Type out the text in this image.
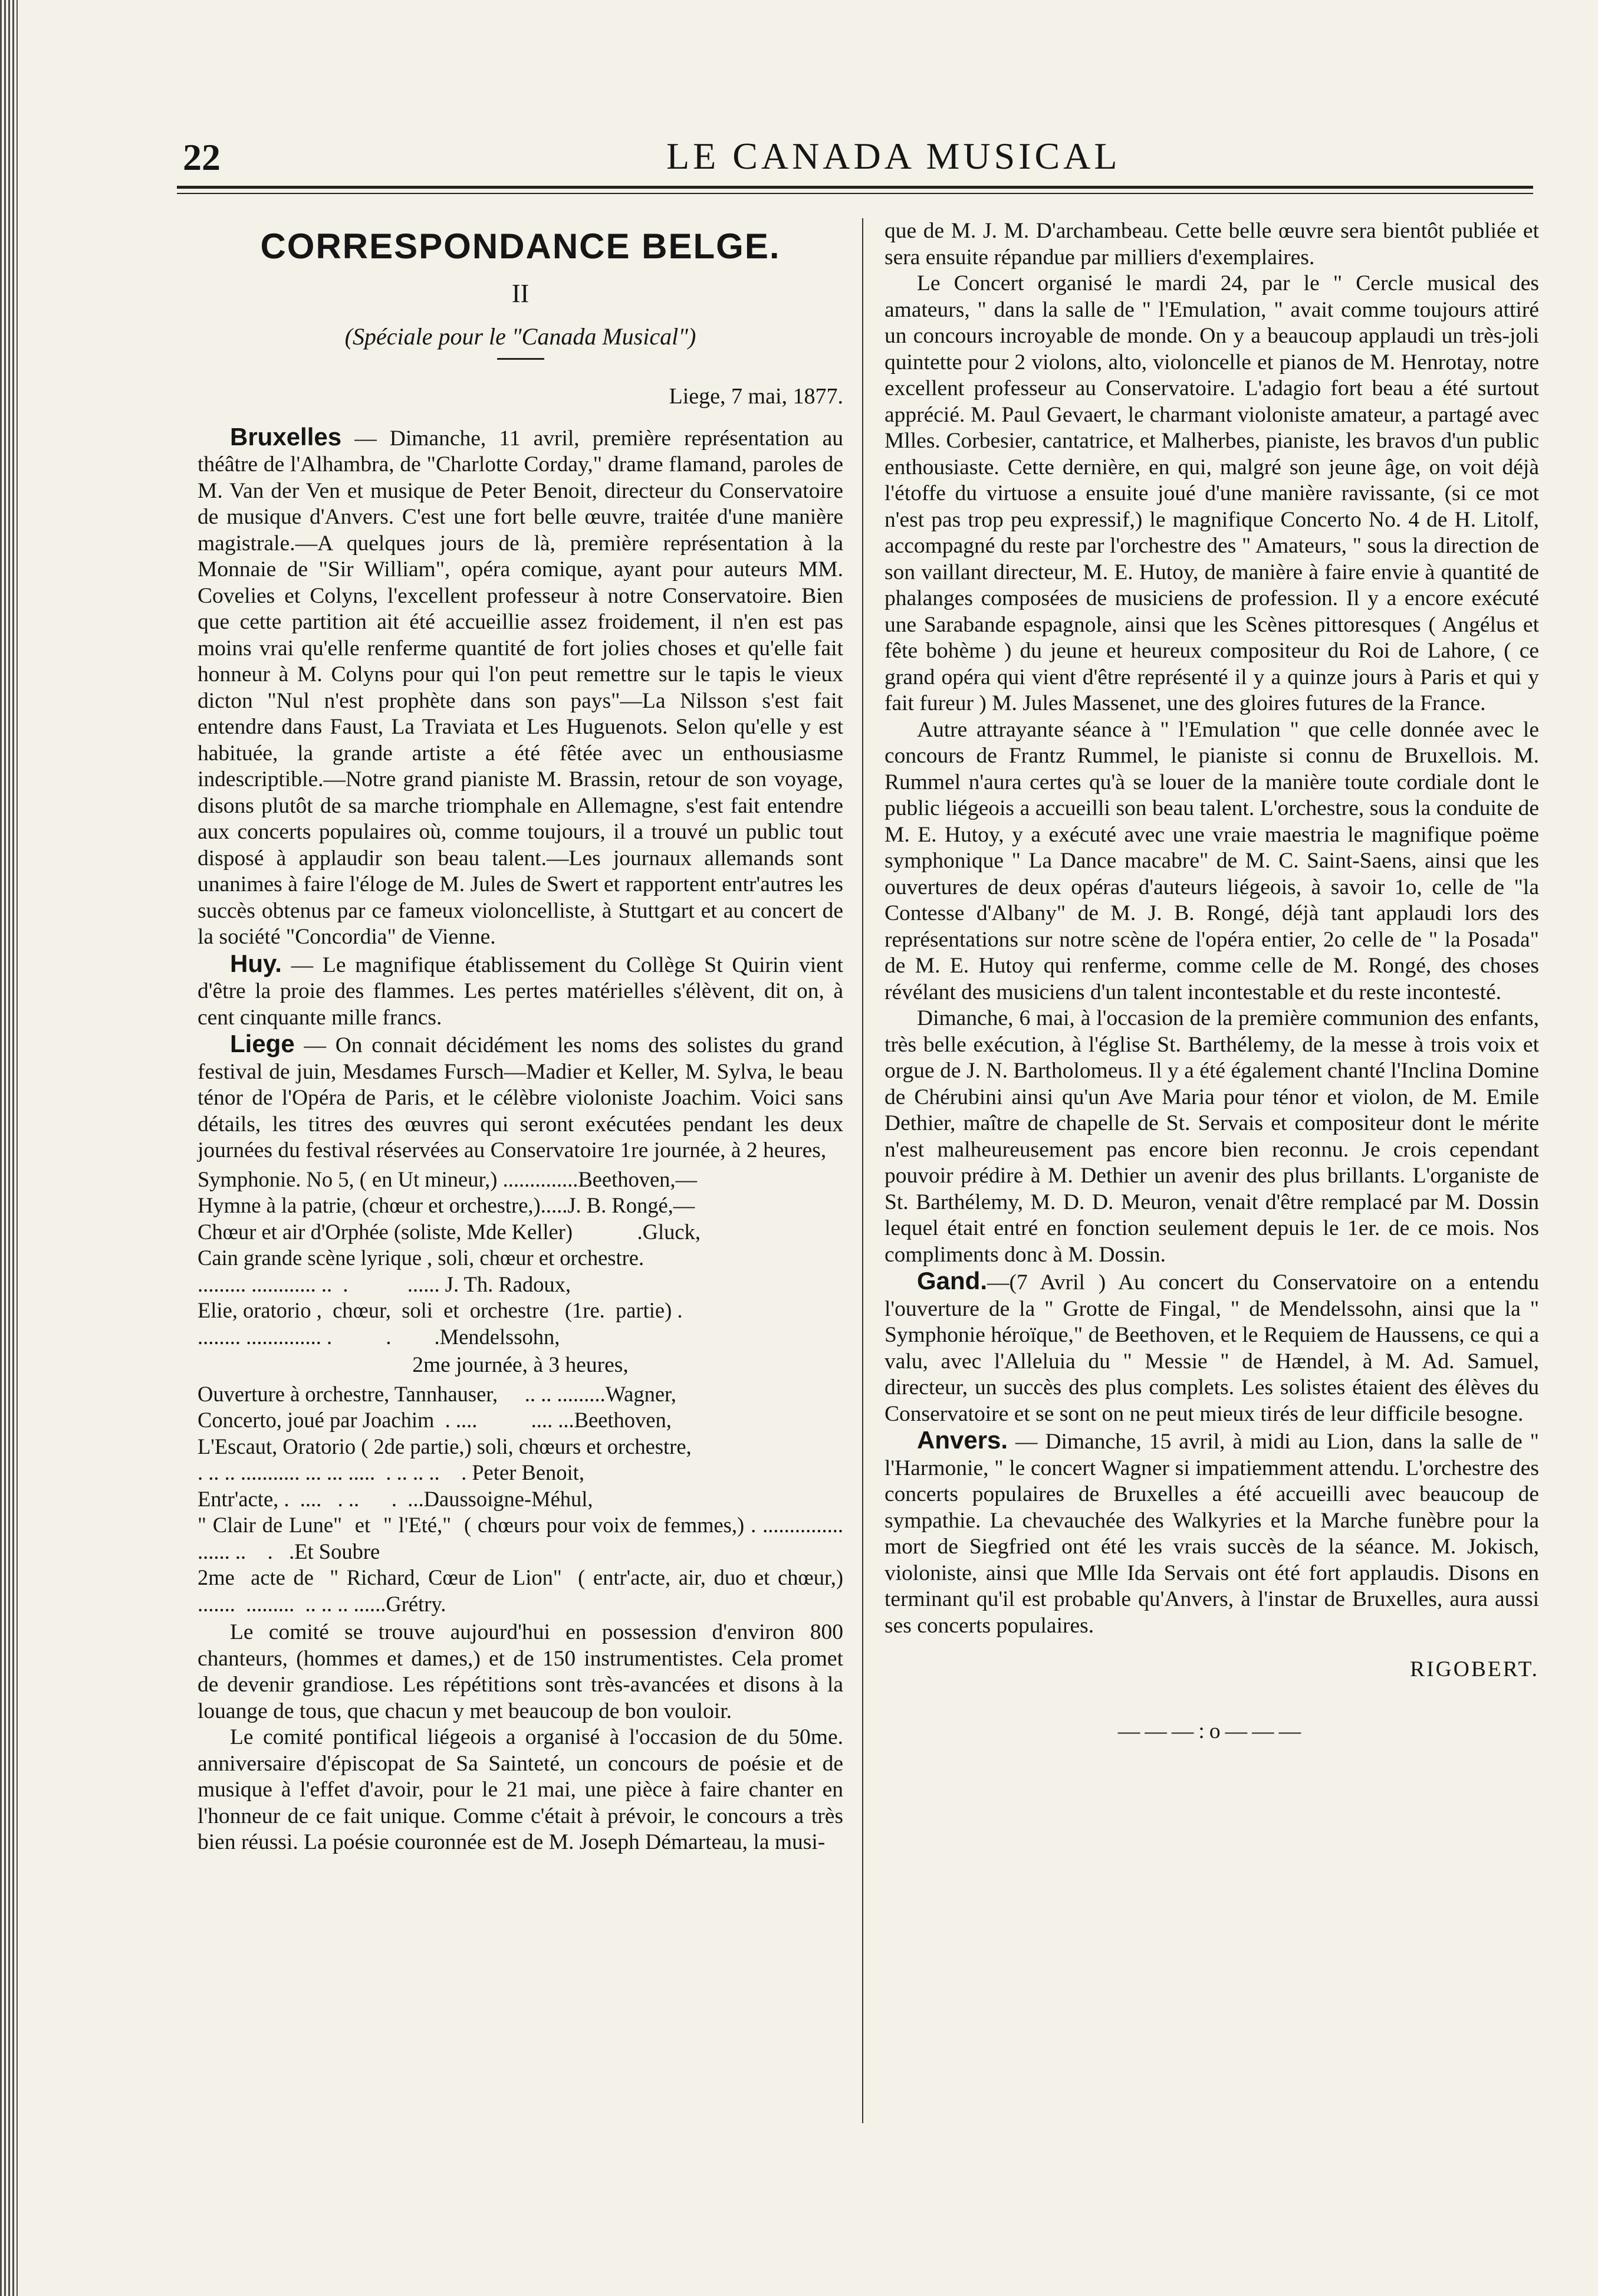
22	LE CANADA MUSICAL
CORRESPONDANCE BELGE.
II
(Spéciale pour le "Canada Musical")
Liege, 7 mai, 1877.

Bruxelles — Dimanche, 11 avril, première représentation au théâtre de l'Alhambra, de "Charlotte Corday," drame flamand, paroles de M. Van der Ven et musique de Peter Benoit, directeur du Conservatoire de musique d'Anvers. C'est une fort belle œuvre, traitée d'une manière magistrale.—A quelques jours de là, première représentation à la Monnaie de "Sir William", opéra comique, ayant pour auteurs MM. Covelies et Colyns, l'excellent professeur à notre Conservatoire. Bien que cette partition ait été accueillie assez froidement, il n'en est pas moins vrai qu'elle renferme quantité de fort jolies choses et qu'elle fait honneur à M. Colyns pour qui l'on peut remettre sur le tapis le vieux dicton "Nul n'est prophète dans son pays"—La Nilsson s'est fait entendre dans Faust, La Traviata et Les Huguenots. Selon qu'elle y est habituée, la grande artiste a été fêtée avec un enthousiasme indescriptible.—Notre grand pianiste M. Brassin, retour de son voyage, disons plutôt de sa marche triomphale en Allemagne, s'est fait entendre aux concerts populaires où, comme toujours, il a trouvé un public tout disposé à applaudir son beau talent.—Les journaux allemands sont unanimes à faire l'éloge de M. Jules de Swert et rapportent entr'autres les succès obtenus par ce fameux violoncelliste, à Stuttgart et au concert de la société "Concordia" de Vienne.

Huy. — Le magnifique établissement du Collège St Quirin vient d'être la proie des flammes. Les pertes matérielles s'élèvent, dit on, à cent cinquante mille francs.

Liege — On connait décidément les noms des solistes du grand festival de juin, Mesdames Fursch—Madier et Keller, M. Sylva, le beau ténor de l'Opéra de Paris, et le célèbre violoniste Joachim. Voici sans détails, les titres des œuvres qui seront exécutées pendant les deux journées du festival réservées au Conservatoire 1re journée, à 2 heures,

Symphonie. No 5, ( en Ut mineur,) ..............Beethoven,—
Hymne à la patrie, (chœur et orchestre,).....J. B. Rongé,—
Chœur et air d'Orphée (soliste, Mde Keller)            .Gluck,
Cain grande scène lyrique , soli, chœur et orchestre.
......... ............ ..  .           ...... J. Th. Radoux,
Elie, oratorio ,  chœur,  soli  et  orchestre   (1re.  partie) .
........ .............. .          .        .Mendelssohn,

2me journée, à 3 heures,

Ouverture à orchestre, Tannhauser,     .. .. .........Wagner,
Concerto, joué par Joachim  . ....          .... ...Beethoven,
L'Escaut, Oratorio ( 2de partie,) soli, chœurs et orchestre,
. .. .. ........... ... ... .....  . .. .. ..    . Peter Benoit,
Entr'acte, .  ....   . ..      .  ...Daussoigne-Méhul,
" Clair de Lune"  et  " l'Eté,"  ( chœurs pour voix de femmes,) . ............... ...... ..    .   .Et Soubre
2me  acte de  " Richard, Cœur de Lion"  ( entr'acte, air, duo et chœur,) .......  .........  .. .. .. ......Grétry.

Le comité se trouve aujourd'hui en possession d'environ 800 chanteurs, (hommes et dames,) et de 150 instrumentistes. Cela promet de devenir grandiose. Les répétitions sont très-avancées et disons à la louange de tous, que chacun y met beaucoup de bon vouloir.

Le comité pontifical liégeois a organisé à l'occasion de du 50me. anniversaire d'épiscopat de Sa Sainteté, un concours de poésie et de musique à l'effet d'avoir, pour le 21 mai, une pièce à faire chanter en l'honneur de ce fait unique. Comme c'était à prévoir, le concours a très bien réussi. La poésie couronnée est de M. Joseph Démarteau, la musi-

que de M. J. M. D'archambeau. Cette belle œuvre sera bientôt publiée et sera ensuite répandue par milliers d'exemplaires.

Le Concert organisé le mardi 24, par le " Cercle musical des amateurs, " dans la salle de " l'Emulation, " avait comme toujours attiré un concours incroyable de monde. On y a beaucoup applaudi un très-joli quintette pour 2 violons, alto, violoncelle et pianos de M. Henrotay, notre excellent professeur au Conservatoire. L'adagio fort beau a été surtout apprécié. M. Paul Gevaert, le charmant violoniste amateur, a partagé avec Mlles. Corbesier, cantatrice, et Malherbes, pianiste, les bravos d'un public enthousiaste. Cette dernière, en qui, malgré son jeune âge, on voit déjà l'étoffe du virtuose a ensuite joué d'une manière ravissante, (si ce mot n'est pas trop peu expressif,) le magnifique Concerto No. 4 de H. Litolf, accompagné du reste par l'orchestre des " Amateurs, " sous la direction de son vaillant directeur, M. E. Hutoy, de manière à faire envie à quantité de phalanges composées de musiciens de profession. Il y a encore exécuté une Sarabande espagnole, ainsi que les Scènes pittoresques ( Angélus et fête bohème ) du jeune et heureux compositeur du Roi de Lahore, ( ce grand opéra qui vient d'être représenté il y a quinze jours à Paris et qui y fait fureur ) M. Jules Massenet, une des gloires futures de la France.

Autre attrayante séance à " l'Emulation " que celle donnée avec le concours de Frantz Rummel, le pianiste si connu de Bruxellois. M. Rummel n'aura certes qu'à se louer de la manière toute cordiale dont le public liégeois a accueilli son beau talent. L'orchestre, sous la conduite de M. E. Hutoy, y a exécuté avec une vraie maestria le magnifique poëme symphonique " La Dance macabre" de M. C. Saint-Saens, ainsi que les ouvertures de deux opéras d'auteurs liégeois, à savoir 1o, celle de "la Contesse d'Albany" de M. J. B. Rongé, déjà tant applaudi lors des représentations sur notre scène de l'opéra entier, 2o celle de " la Posada" de M. E. Hutoy qui renferme, comme celle de M. Rongé, des choses révélant des musiciens d'un talent incontestable et du reste incontesté.

Dimanche, 6 mai, à l'occasion de la première communion des enfants, très belle exécution, à l'église St. Barthélemy, de la messe à trois voix et orgue de J. N. Bartholomeus. Il y a été également chanté l'Inclina Domine de Chérubini ainsi qu'un Ave Maria pour ténor et violon, de M. Emile Dethier, maître de chapelle de St. Servais et compositeur dont le mérite n'est malheureusement pas encore bien reconnu. Je crois cependant pouvoir prédire à M. Dethier un avenir des plus brillants. L'organiste de St. Barthélemy, M. D. D. Meuron, venait d'être remplacé par M. Dossin lequel était entré en fonction seulement depuis le 1er. de ce mois. Nos compliments donc à M. Dossin.

Gand.—(7 Avril ) Au concert du Conservatoire on a entendu l'ouverture de la " Grotte de Fingal, " de Mendelssohn, ainsi que la " Symphonie héroïque," de Beethoven, et le Requiem de Haussens, ce qui a valu, avec l'Alleluia du " Messie " de Hændel, à M. Ad. Samuel, directeur, un succès des plus complets. Les solistes étaient des élèves du Conservatoire et se sont on ne peut mieux tirés de leur difficile besogne.

Anvers. — Dimanche, 15 avril, à midi au Lion, dans la salle de " l'Harmonie, " le concert Wagner si impatiemment attendu. L'orchestre des concerts populaires de Bruxelles a été accueilli avec beaucoup de sympathie. La chevauchée des Walkyries et la Marche funèbre pour la mort de Siegfried ont été les vrais succès de la séance. M. Jokisch, violoniste, ainsi que Mlle Ida Servais ont été fort applaudis. Disons en terminant qu'il est probable qu'Anvers, à l'instar de Bruxelles, aura aussi ses concerts populaires.

RIGOBERT.
———:o———
